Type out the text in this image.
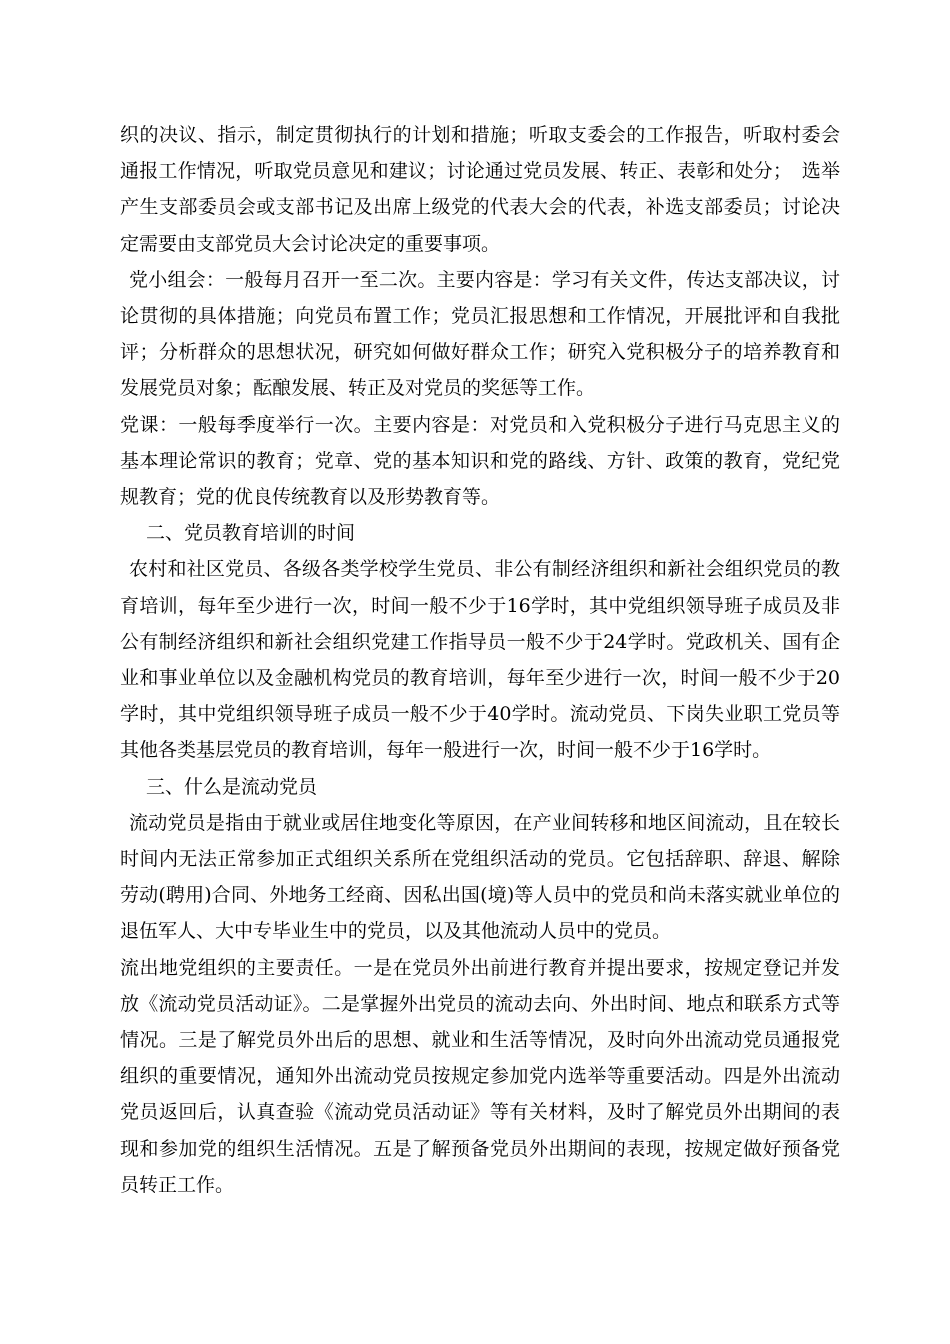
织的决议、指示，制定贯彻执行的计划和措施；听取支委会的工作报告，听取村委会通报工作情况，听取党员意见和建议；讨论通过党员发展、转正、表彰和处分；　选举产生支部委员会或支部书记及出席上级党的代表大会的代表，补选支部委员；讨论决定需要由支部党员大会讨论决定的重要事项。

党小组会：一般每月召开一至二次。主要内容是：学习有关文件，传达支部决议，讨论贯彻的具体措施；向党员布置工作；党员汇报思想和工作情况，开展批评和自我批评；分析群众的思想状况，研究如何做好群众工作；研究入党积极分子的培养教育和发展党员对象；酝酿发展、转正及对党员的奖惩等工作。

党课：一般每季度举行一次。主要内容是：对党员和入党积极分子进行马克思主义的基本理论常识的教育；党章、党的基本知识和党的路线、方针、政策的教育，党纪党规教育；党的优良传统教育以及形势教育等。

二、党员教育培训的时间

农村和社区党员、各级各类学校学生党员、非公有制经济组织和新社会组织党员的教育培训，每年至少进行一次，时间一般不少于16学时，其中党组织领导班子成员及非公有制经济组织和新社会组织党建工作指导员一般不少于24学时。党政机关、国有企业和事业单位以及金融机构党员的教育培训，每年至少进行一次，时间一般不少于20学时，其中党组织领导班子成员一般不少于40学时。流动党员、下岗失业职工党员等其他各类基层党员的教育培训，每年一般进行一次，时间一般不少于16学时。

三、什么是流动党员

流动党员是指由于就业或居住地变化等原因，在产业间转移和地区间流动，且在较长时间内无法正常参加正式组织关系所在党组织活动的党员。它包括辞职、辞退、解除劳动(聘用)合同、外地务工经商、因私出国(境)等人员中的党员和尚未落实就业单位的退伍军人、大中专毕业生中的党员，以及其他流动人员中的党员。

流出地党组织的主要责任。一是在党员外出前进行教育并提出要求，按规定登记并发放《流动党员活动证》。二是掌握外出党员的流动去向、外出时间、地点和联系方式等情况。三是了解党员外出后的思想、就业和生活等情况，及时向外出流动党员通报党组织的重要情况，通知外出流动党员按规定参加党内选举等重要活动。四是外出流动党员返回后，认真查验《流动党员活动证》等有关材料，及时了解党员外出期间的表现和参加党的组织生活情况。五是了解预备党员外出期间的表现，按规定做好预备党员转正工作。
